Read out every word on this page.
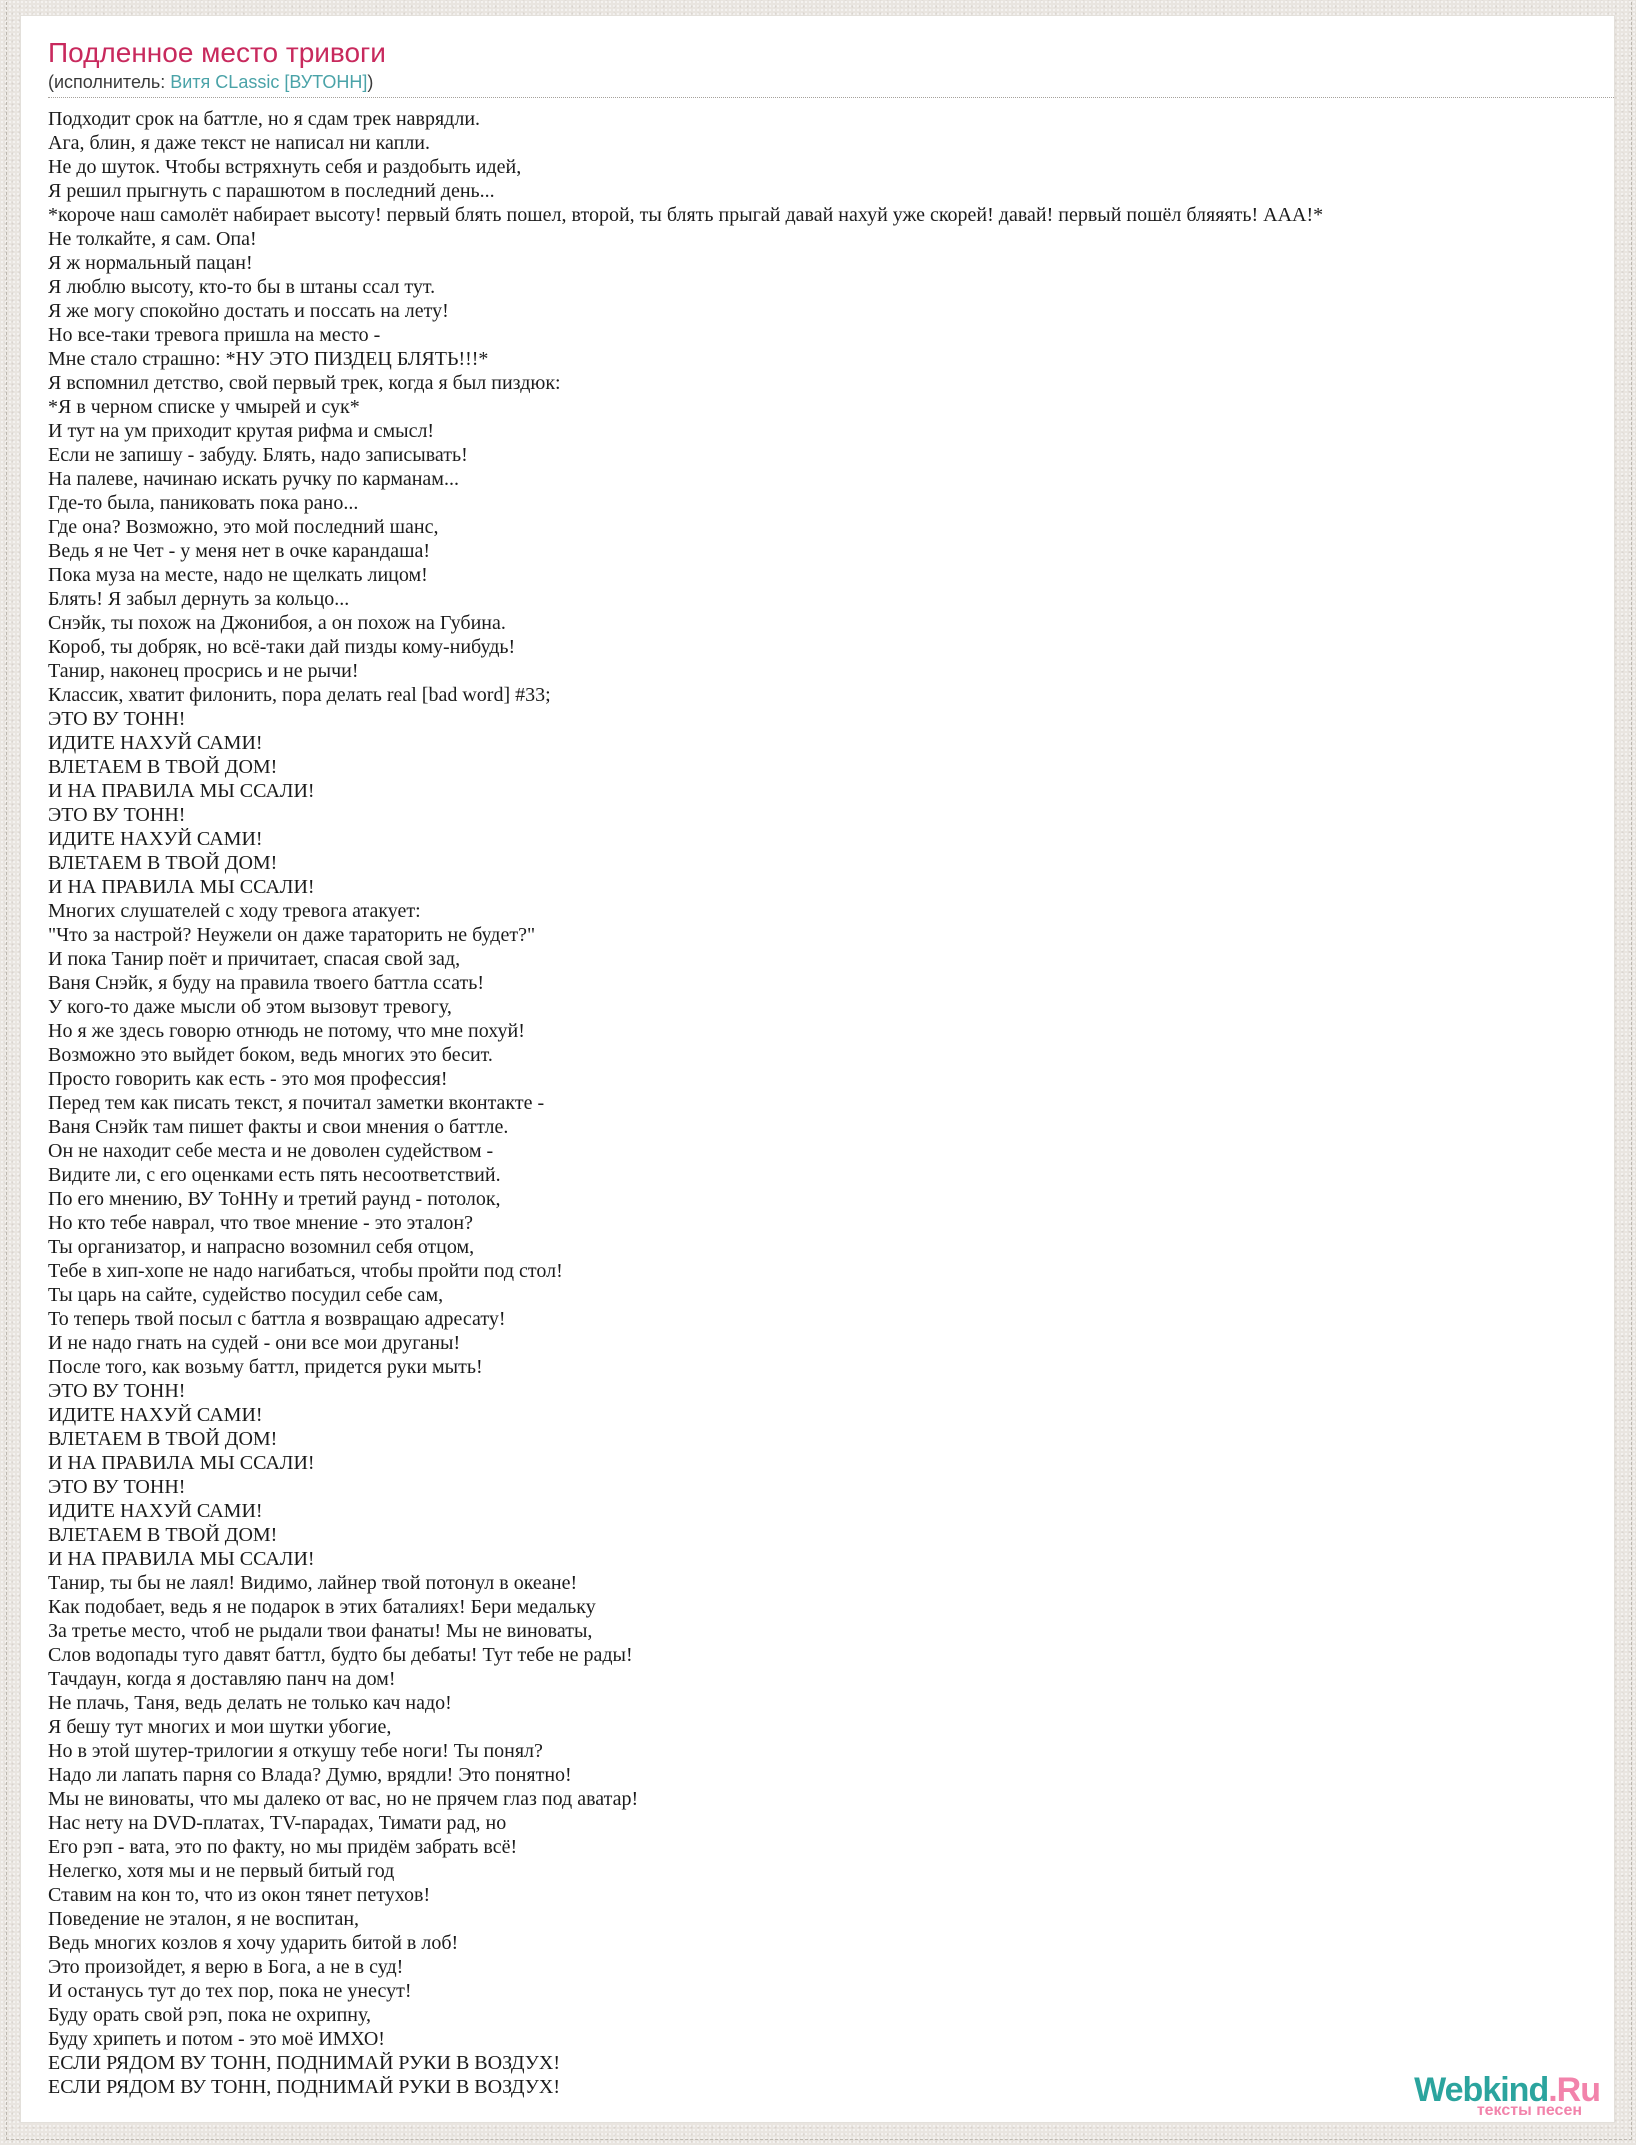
Подленное место тривоги
(исполнитель: Витя CLassic [ВУТОНН])
Подходит срок на баттле, но я сдам трек наврядли.
Ага, блин, я даже текст не написал ни капли.
Не до шуток. Чтобы встряхнуть себя и раздобыть идей,
Я решил прыгнуть с парашютом в последний день...
*короче наш самолёт набирает высоту! первый блять пошел, второй, ты блять прыгай давай нахуй уже скорей! давай! первый пошёл бляяять! ААА!*
Не толкайте, я сам. Опа!
Я ж нормальный пацан!
Я люблю высоту, кто-то бы в штаны ссал тут.
Я же могу спокойно достать и поссать на лету!
Но все-таки тревога пришла на место -
Мне стало страшно: *НУ ЭТО ПИЗДЕЦ БЛЯТЬ!!!*
Я вспомнил детство, свой первый трек, когда я был пиздюк:
*Я в черном списке у чмырей и сук*
И тут на ум приходит крутая рифма и смысл!
Если не запишу - забуду. Блять, надо записывать!
На палеве, начинаю искать ручку по карманам...
Где-то была, паниковать пока рано...
Где она? Возможно, это мой последний шанс,
Ведь я не Чет - у меня нет в очке карандаша!
Пока муза на месте, надо не щелкать лицом!
Блять! Я забыл дернуть за кольцо...
Снэйк, ты похож на Джонибоя, а он похож на Губина.
Короб, ты добряк, но всё-таки дай пизды кому-нибудь!
Танир, наконец просрись и не рычи!
Классик, хватит филонить, пора делать real [bad word] #33;
ЭТО ВУ ТОНН!
ИДИТЕ НАХУЙ САМИ!
ВЛЕТАЕМ В ТВОЙ ДОМ!
И НА ПРАВИЛА МЫ ССАЛИ!
ЭТО ВУ ТОНН!
ИДИТЕ НАХУЙ САМИ!
ВЛЕТАЕМ В ТВОЙ ДОМ!
И НА ПРАВИЛА МЫ ССАЛИ!
Многих слушателей с ходу тревога атакует:
"Что за настрой? Неужели он даже тараторить не будет?"
И пока Танир поёт и причитает, спасая свой зад,
Ваня Снэйк, я буду на правила твоего баттла ссать!
У кого-то даже мысли об этом вызовут тревогу,
Но я же здесь говорю отнюдь не потому, что мне похуй!
Возможно это выйдет боком, ведь многих это бесит.
Просто говорить как есть - это моя профессия!
Перед тем как писать текст, я почитал заметки вконтакте -
Ваня Снэйк там пишет факты и свои мнения о баттле.
Он не находит себе места и не доволен судейством -
Видите ли, с его оценками есть пять несоответствий.
По его мнению, ВУ ТоННу и третий раунд - потолок,
Но кто тебе наврал, что твое мнение - это эталон?
Ты организатор, и напрасно возомнил себя отцом,
Тебе в хип-хопе не надо нагибаться, чтобы пройти под стол!
Ты царь на сайте, судейство посудил себе сам,
То теперь твой посыл с баттла я возвращаю адресату!
И не надо гнать на судей - они все мои друганы!
После того, как возьму баттл, придется руки мыть!
ЭТО ВУ ТОНН!
ИДИТЕ НАХУЙ САМИ!
ВЛЕТАЕМ В ТВОЙ ДОМ!
И НА ПРАВИЛА МЫ ССАЛИ!
ЭТО ВУ ТОНН!
ИДИТЕ НАХУЙ САМИ!
ВЛЕТАЕМ В ТВОЙ ДОМ!
И НА ПРАВИЛА МЫ ССАЛИ!
Танир, ты бы не лаял! Видимо, лайнер твой потонул в океане!
Как подобает, ведь я не подарок в этих баталиях! Бери медальку
За третье место, чтоб не рыдали твои фанаты! Мы не виноваты,
Слов водопады туго давят баттл, будто бы дебаты! Тут тебе не рады!
Тачдаун, когда я доставляю панч на дом!
Не плачь, Таня, ведь делать не только кач надо!
Я бешу тут многих и мои шутки убогие,
Но в этой шутер-трилогии я откушу тебе ноги! Ты понял?
Надо ли лапать парня со Влада? Думю, врядли! Это понятно!
Мы не виноваты, что мы далеко от вас, но не прячем глаз под аватар!
Нас нету на DVD-платах, TV-парадах, Тимати рад, но
Его рэп - вата, это по факту, но мы придём забрать всё!
Нелегко, хотя мы и не первый битый год
Ставим на кон то, что из окон тянет петухов!
Поведение не эталон, я не воспитан,
Ведь многих козлов я хочу ударить битой в лоб!
Это произойдет, я верю в Бога, а не в суд!
И останусь тут до тех пор, пока не унесут!
Буду орать свой рэп, пока не охрипну,
Буду хрипеть и потом - это моё ИМХО!
ЕСЛИ РЯДОМ ВУ ТОНН, ПОДНИМАЙ РУКИ В ВОЗДУХ!
ЕСЛИ РЯДОМ ВУ ТОНН, ПОДНИМАЙ РУКИ В ВОЗДУХ!	Webkind.Ru
тексты песен
